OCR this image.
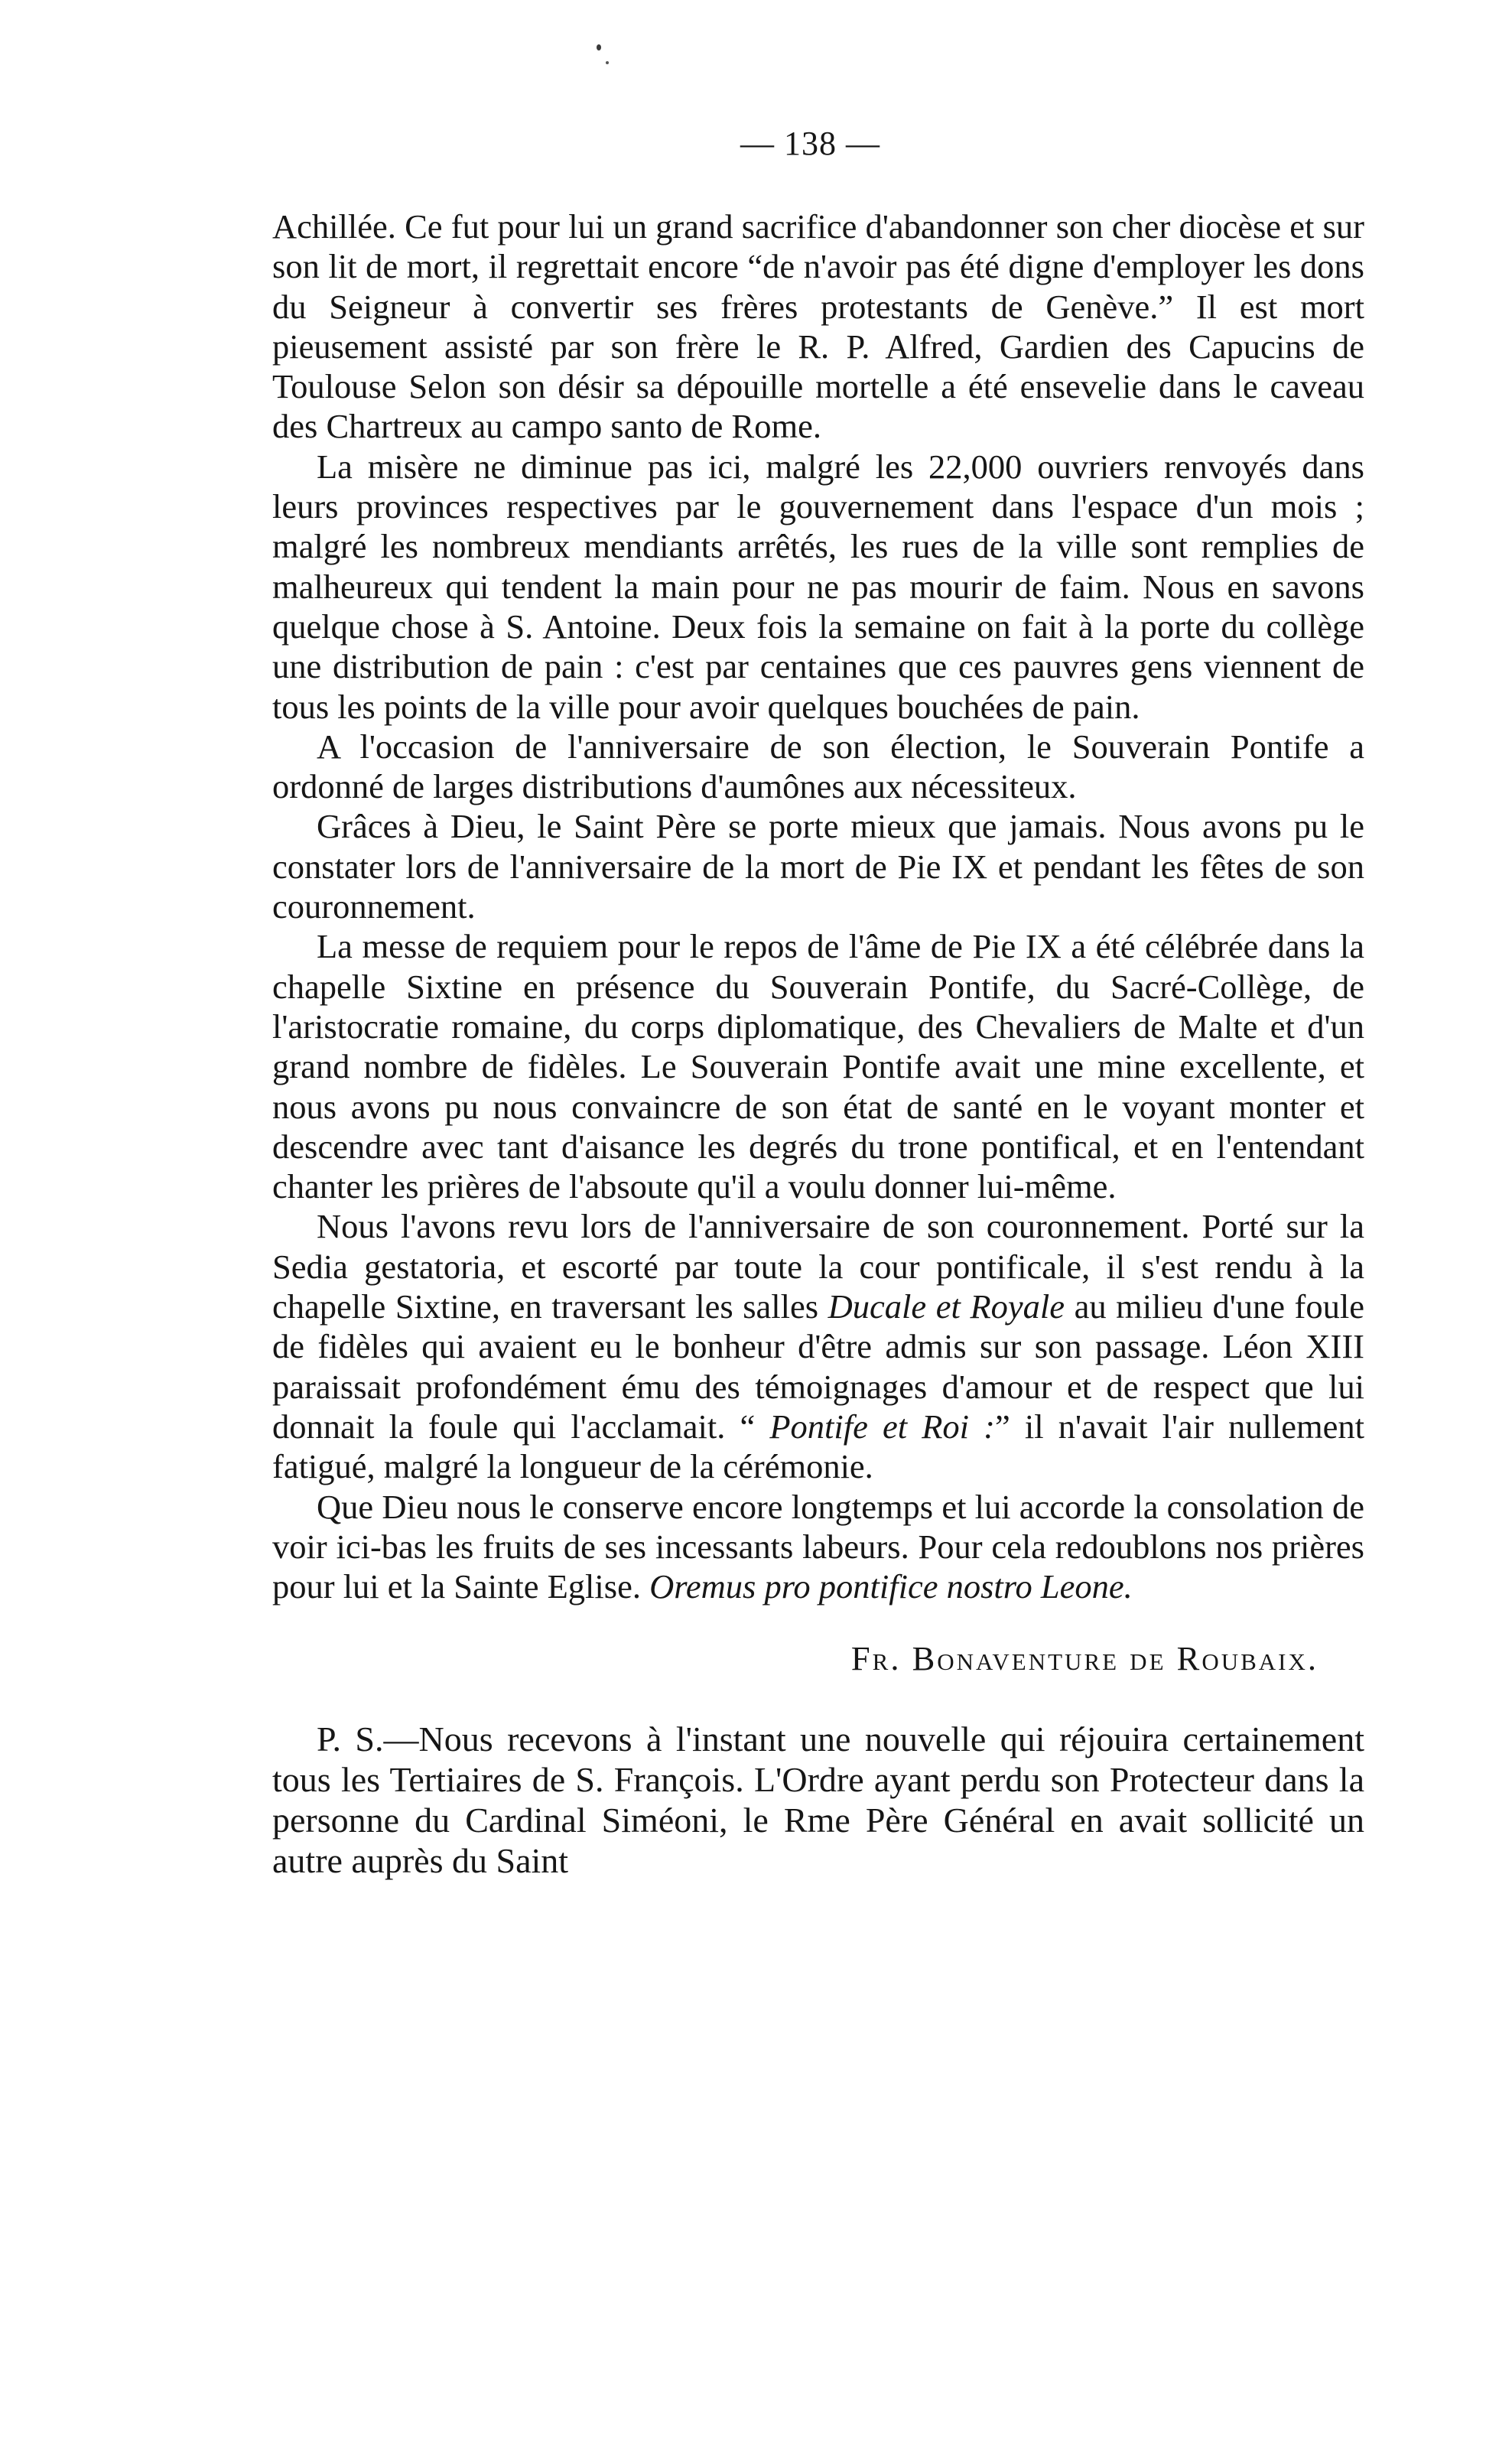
— 138 —

Achillée. Ce fut pour lui un grand sacrifice d'abandonner son cher diocèse et sur son lit de mort, il regrettait encore “de n'avoir pas été digne d'employer les dons du Seigneur à convertir ses frères protestants de Genève.” Il est mort pieusement assisté par son frère le R. P. Alfred, Gardien des Capucins de Toulouse Selon son désir sa dépouille mortelle a été ensevelie dans le caveau des Chartreux au campo santo de Rome.

La misère ne diminue pas ici, malgré les 22,000 ouvriers renvoyés dans leurs provinces respectives par le gouvernement dans l'espace d'un mois ; malgré les nombreux mendiants arrêtés, les rues de la ville sont remplies de malheureux qui tendent la main pour ne pas mourir de faim. Nous en savons quelque chose à S. Antoine. Deux fois la semaine on fait à la porte du collège une distribution de pain : c'est par centaines que ces pauvres gens viennent de tous les points de la ville pour avoir quelques bouchées de pain.

A l'occasion de l'anniversaire de son élection, le Souverain Pontife a ordonné de larges distributions d'aumônes aux nécessiteux.

Grâces à Dieu, le Saint Père se porte mieux que jamais. Nous avons pu le constater lors de l'anniversaire de la mort de Pie IX et pendant les fêtes de son couronnement.

La messe de requiem pour le repos de l'âme de Pie IX a été célébrée dans la chapelle Sixtine en présence du Souverain Pontife, du Sacré-Collège, de l'aristocratie romaine, du corps diplomatique, des Chevaliers de Malte et d'un grand nombre de fidèles. Le Souverain Pontife avait une mine excellente, et nous avons pu nous convaincre de son état de santé en le voyant monter et descendre avec tant d'aisance les degrés du trone pontifical, et en l'entendant chanter les prières de l'absoute qu'il a voulu donner lui-même.

Nous l'avons revu lors de l'anniversaire de son couronnement. Porté sur la Sedia gestatoria, et escorté par toute la cour pontificale, il s'est rendu à la chapelle Sixtine, en traversant les salles Ducale et Royale au milieu d'une foule de fidèles qui avaient eu le bonheur d'être admis sur son passage. Léon XIII paraissait profondément ému des témoignages d'amour et de respect que lui donnait la foule qui l'acclamait. “ Pontife et Roi :” il n'avait l'air nullement fatigué, malgré la longueur de la cérémonie.

Que Dieu nous le conserve encore longtemps et lui accorde la consolation de voir ici-bas les fruits de ses incessants labeurs. Pour cela redoublons nos prières pour lui et la Sainte Eglise. Oremus pro pontifice nostro Leone.

Fr. Bonaventure de Roubaix.

P. S.—Nous recevons à l'instant une nouvelle qui réjouira certainement tous les Tertiaires de S. François. L'Ordre ayant perdu son Protecteur dans la personne du Cardinal Siméoni, le Rme Père Général en avait sollicité un autre auprès du Saint
